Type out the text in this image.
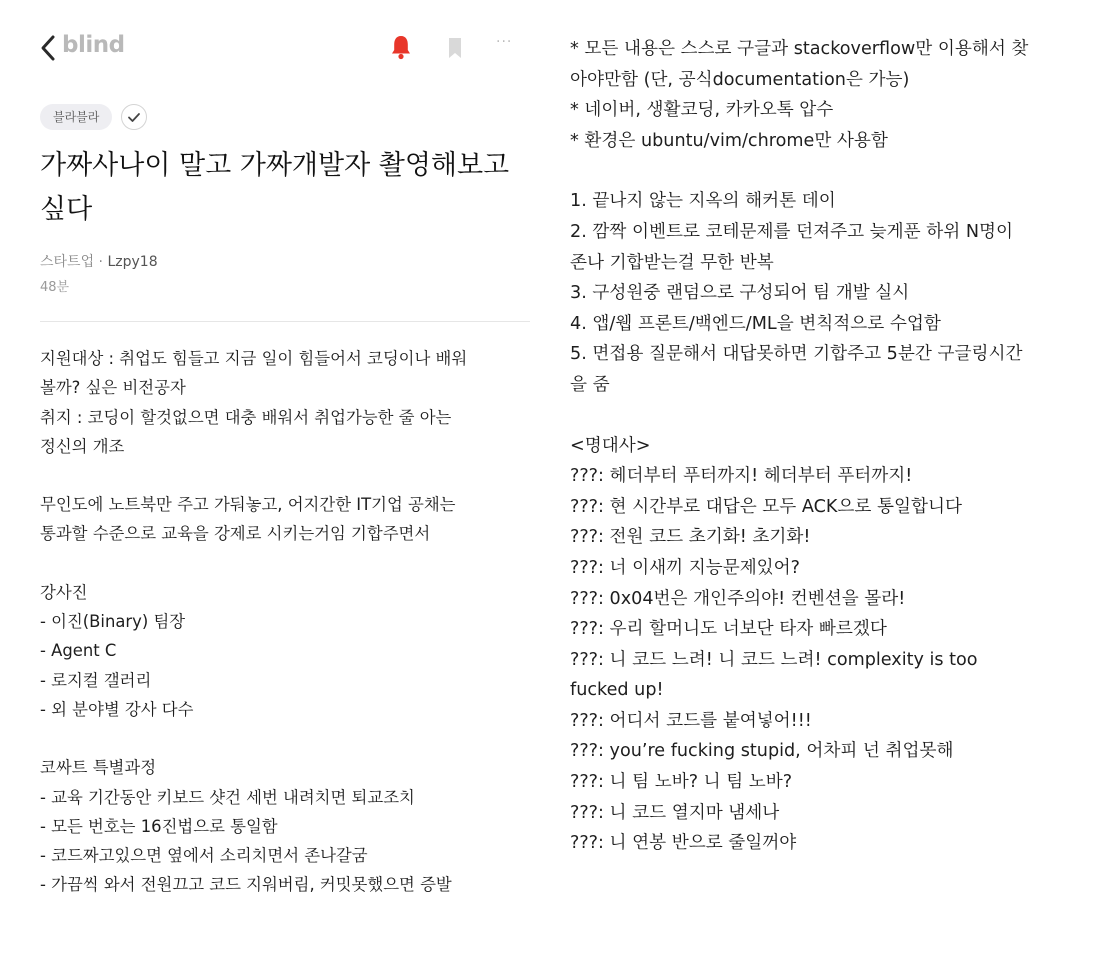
blind	···
블라블라
가짜사나이 말고 가짜개발자 촬영해보고 싶다
스타트업 · Lzpy18
48분
지원대상 : 취업도 힘들고 지금 일이 힘들어서 코딩이나 배워
볼까? 싶은 비전공자
취지 : 코딩이 할것없으면 대충 배워서 취업가능한 줄 아는
정신의 개조
무인도에 노트북만 주고 가둬놓고, 어지간한 IT기업 공채는
통과할 수준으로 교육을 강제로 시키는거임 기합주면서
강사진
- 이진(Binary) 팀장
- Agent C
- 로지컬 갤러리
- 외 분야별 강사 다수
코싸트 특별과정
- 교육 기간동안 키보드 샷건 세번 내려치면 퇴교조치
- 모든 번호는 16진법으로 통일함
- 코드짜고있으면 옆에서 소리치면서 존나갈굼
- 가끔씩 와서 전원끄고 코드 지워버림, 커밋못했으면 증발
* 모든 내용은 스스로 구글과 stackoverflow만 이용해서 찾
아야만함 (단, 공식documentation은 가능)
* 네이버, 생활코딩, 카카오톡 압수
* 환경은 ubuntu/vim/chrome만 사용함
1. 끝나지 않는 지옥의 해커톤 데이
2. 깜짝 이벤트로 코테문제를 던져주고 늦게푼 하위 N명이
존나 기합받는걸 무한 반복
3. 구성원중 랜덤으로 구성되어 팀 개발 실시
4. 앱/웹 프론트/백엔드/ML을 변칙적으로 수업함
5. 면접용 질문해서 대답못하면 기합주고 5분간 구글링시간
을 줌
<명대사>
???: 헤더부터 푸터까지! 헤더부터 푸터까지!
???: 현 시간부로 대답은 모두 ACK으로 통일합니다
???: 전원 코드 초기화! 초기화!
???: 너 이새끼 지능문제있어?
???: 0x04번은 개인주의야! 컨벤션을 몰라!
???: 우리 할머니도 너보단 타자 빠르겠다
???: 니 코드 느려! 니 코드 느려! complexity is too
fucked up!
???: 어디서 코드를 붙여넣어!!!
???: you’re fucking stupid, 어차피 넌 취업못해
???: 니 팀 노바? 니 팀 노바?
???: 니 코드 열지마 냄세나
???: 니 연봉 반으로 줄일꺼야
